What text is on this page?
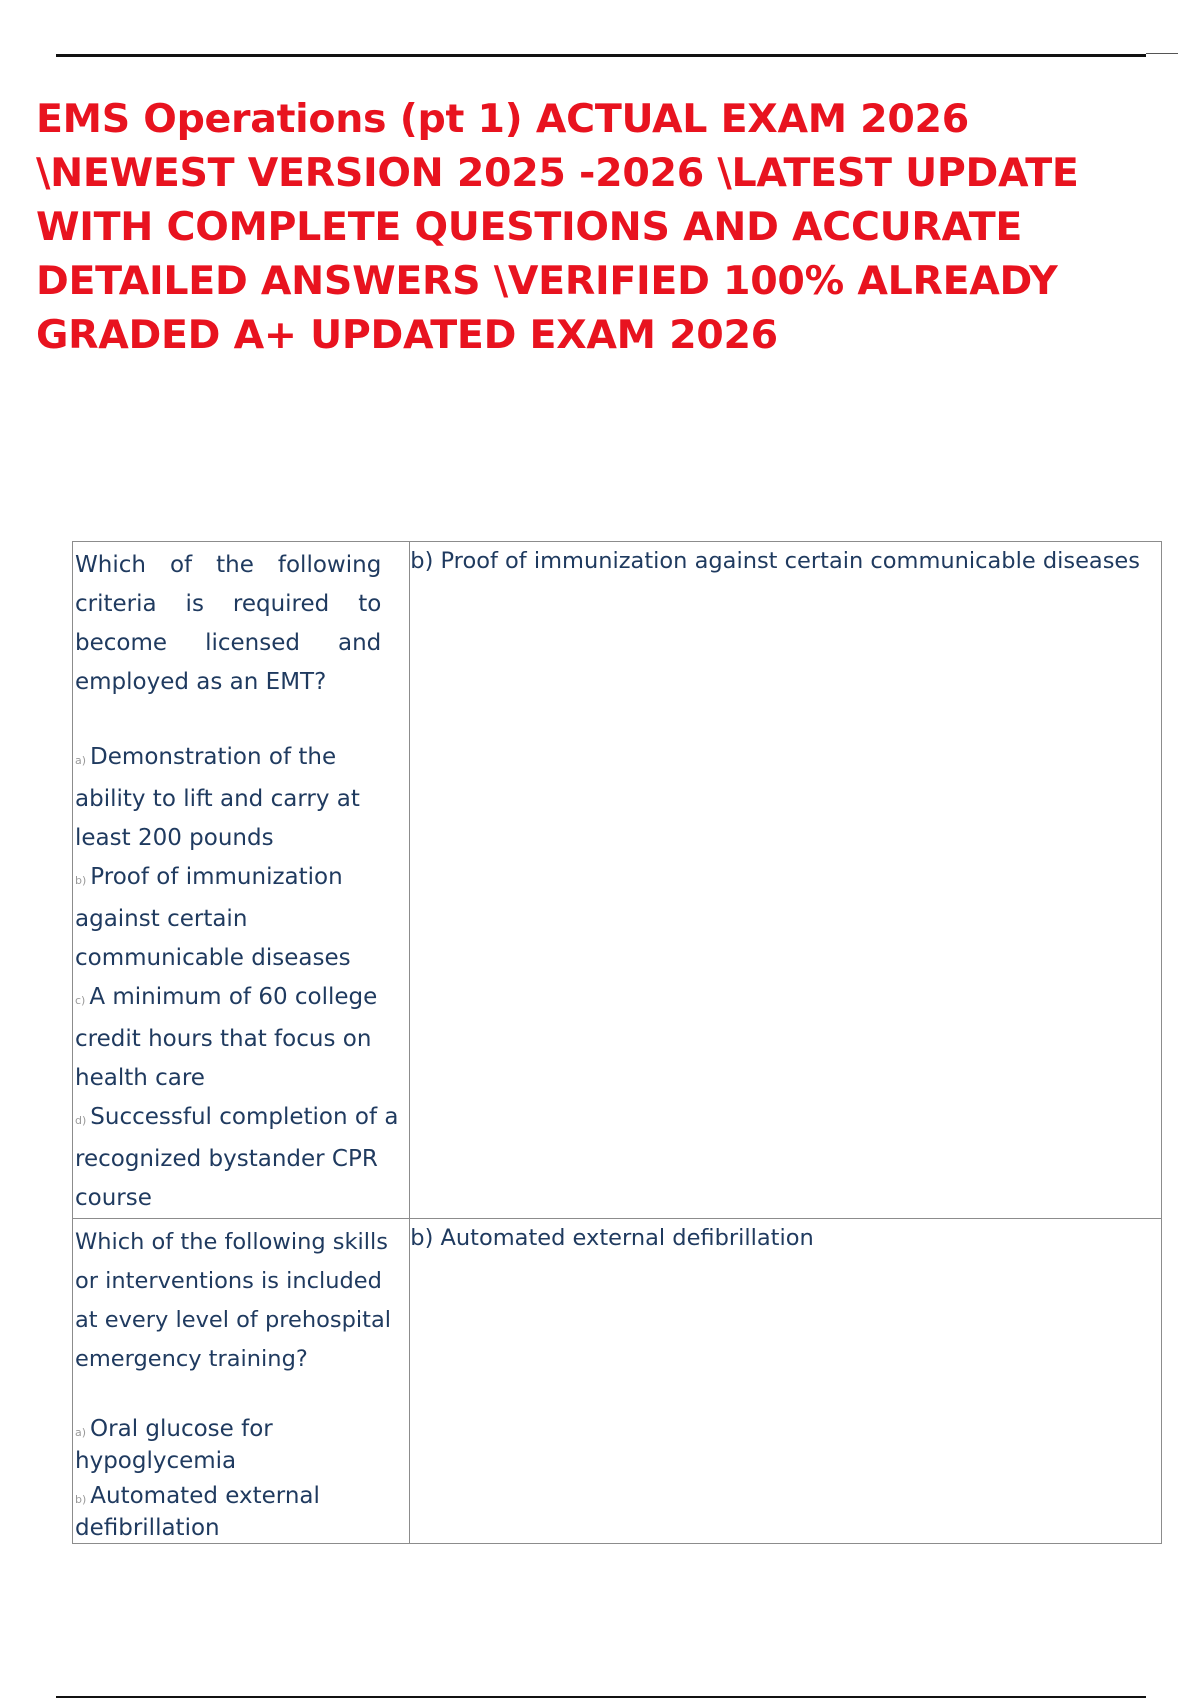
EMS Operations (pt 1) ACTUAL EXAM 2026 \NEWEST VERSION 2025 -2026 \LATEST UPDATE WITH COMPLETE QUESTIONS AND ACCURATE DETAILED ANSWERS \VERIFIED 100% ALREADY GRADED A+ UPDATED EXAM 2026
Which of the following criteria is required to become licensed and employed as an EMT?
a) Demonstration of the ability to lift and carry at least 200 pounds
b) Proof of immunization against certain communicable diseases
c) A minimum of 60 college credit hours that focus on health care
d) Successful completion of a recognized bystander CPR course	b) Proof of immunization against certain communicable diseases

Which of the following skills or interventions is included at every level of prehospital emergency training?
a) Oral glucose for hypoglycemia
b) Automated external defibrillation	b) Automated external defibrillation
